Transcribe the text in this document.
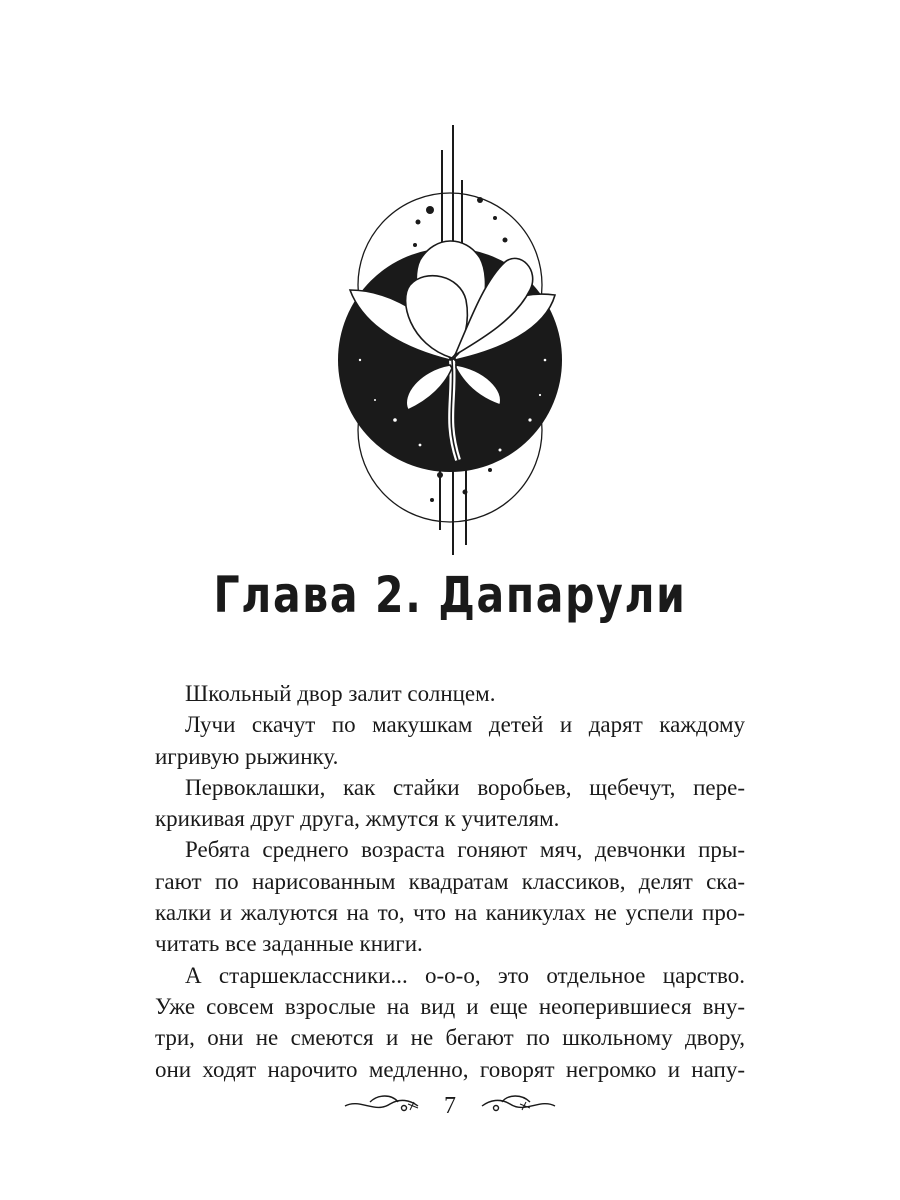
Глава 2. Дапарули

Школьный двор залит солнцем.

Лучи скачут по макушкам детей и дарят каждому
игривую рыжинку.

Первоклашки, как стайки воробьев, щебечут, пере-
крикивая друг друга, жмутся к учителям.

Ребята среднего возраста гоняют мяч, девчонки пры-
гают по нарисованным квадратам классиков, делят ска-
калки и жалуются на то, что на каникулах не успели про-
читать все заданные книги.

А старшеклассники... о-о-о, это отдельное царство.
Уже совсем взрослые на вид и еще неоперившиеся вну-
три, они не смеются и не бегают по школьному двору,
они ходят нарочито медленно, говорят негромко и напу-

7
